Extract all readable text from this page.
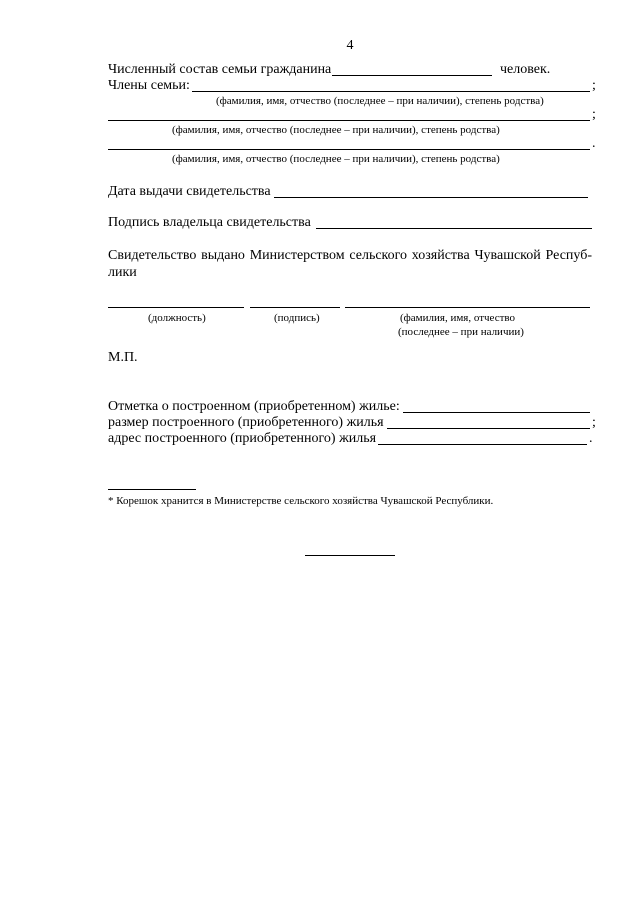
4
Численный состав семьи гражданина	человек.
Члены семьи:	;
(фамилия, имя, отчество (последнее – при наличии), степень родства)
;
(фамилия, имя, отчество (последнее – при наличии), степень родства)
.
(фамилия, имя, отчество (последнее – при наличии), степень родства)
Дата выдачи свидетельства
Подпись владельца свидетельства
Свидетельство выдано Министерством сельского хозяйства Чувашской Респуб-
лики
(должность)	(подпись)	(фамилия, имя, отчество
(последнее – при наличии)
М.П.
Отметка о построенном (приобретенном) жилье:
размер построенного (приобретенного) жилья	;
адрес построенного (приобретенного) жилья	.
* Корешок хранится в Министерстве сельского хозяйства Чувашской Республики.
